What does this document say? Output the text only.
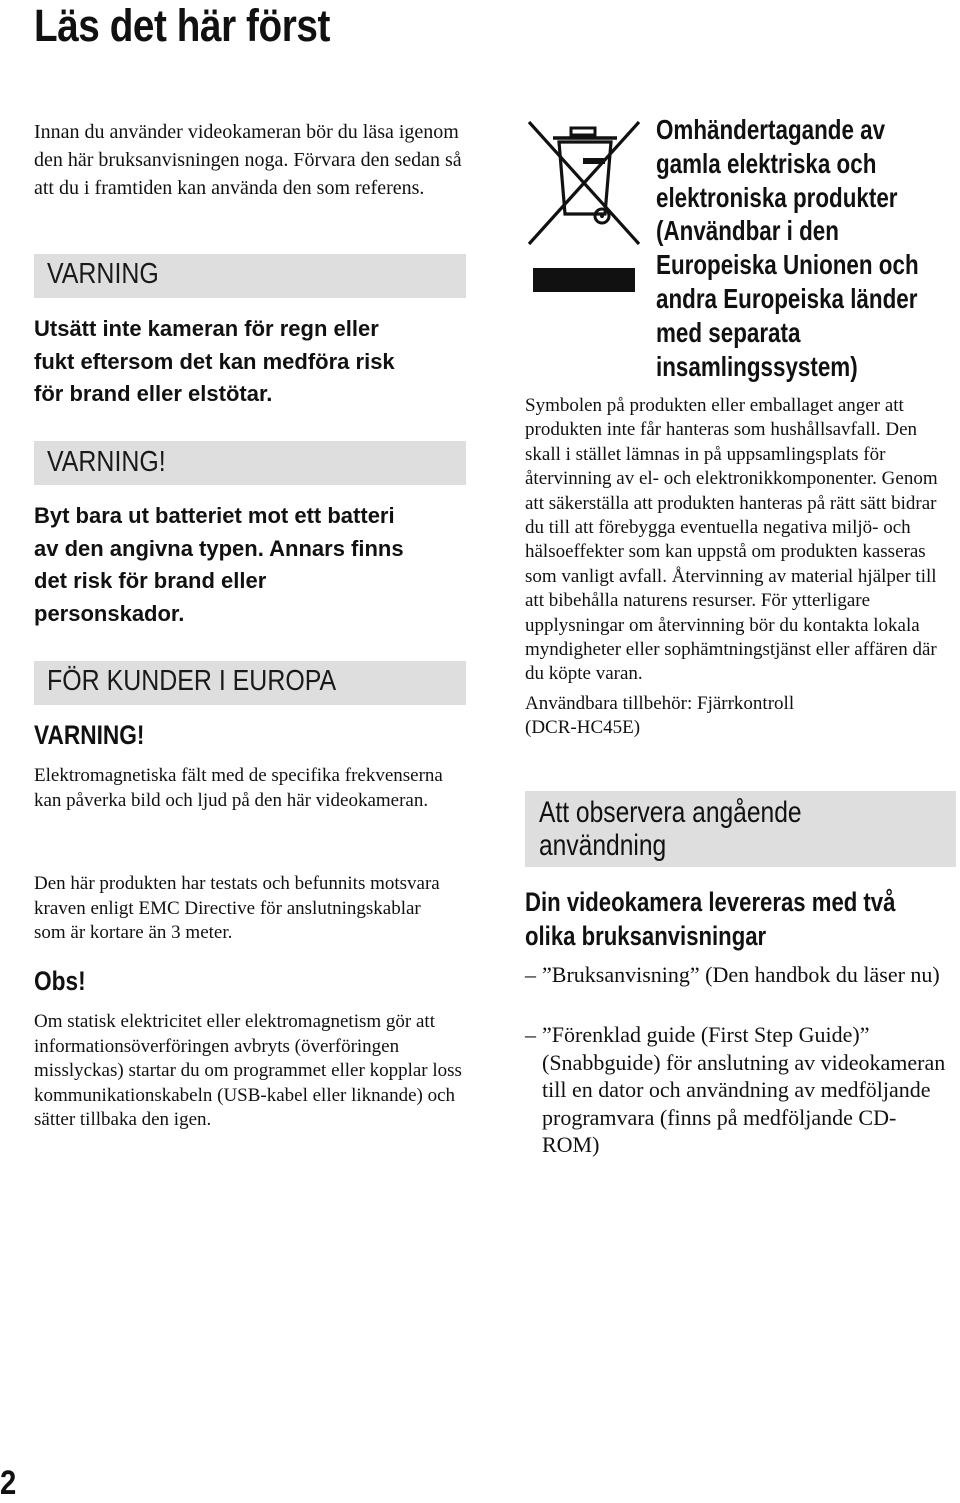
Läs det här först
Innan du använder videokameran bör du läsa igenom den här bruksanvisningen noga. Förvara den sedan så att du i framtiden kan använda den som referens.
VARNING
Utsätt inte kameran för regn eller
fukt eftersom det kan medföra risk
för brand eller elstötar.
VARNING!
Byt bara ut batteriet mot ett batteri
av den angivna typen. Annars finns
det risk för brand eller
personskador.
FÖR KUNDER I EUROPA
VARNING!
Elektromagnetiska fält med de specifika frekvenserna kan påverka bild och ljud på den här videokameran.
Den här produkten har testats och befunnits motsvara kraven enligt EMC Directive för anslutningskablar som är kortare än 3 meter.
Obs!
Om statisk elektricitet eller elektromagnetism gör att informationsöverföringen avbryts (överföringen misslyckas) startar du om programmet eller kopplar loss kommunikationskabeln (USB-kabel eller liknande) och sätter tillbaka den igen.
Omhändertagande av
gamla elektriska och
elektroniska produkter
(Användbar i den
Europeiska Unionen och
andra Europeiska länder
med separata
insamlingssystem)

Symbolen på produkten eller emballaget anger att produkten inte får hanteras som hushållsavfall. Den skall i stället lämnas in på uppsamlingsplats för återvinning av el- och elektronikkomponenter. Genom att säkerställa att produkten hanteras på rätt sätt bidrar du till att förebygga eventuella negativa miljö- och hälsoeffekter som kan uppstå om produkten kasseras som vanligt avfall. Återvinning av material hjälper till att bibehålla naturens resurser. För ytterligare upplysningar om återvinning bör du kontakta lokala myndigheter eller sophämtningstjänst eller affären där du köpte varan.

Användbara tillbehör: Fjärrkontroll (DCR-HC45E)

Att observera angående
användning
Din videokamera levereras med två
olika bruksanvisningar
– ”Bruksanvisning” (Den handbok du läser nu)
– ”Förenklad guide (First Step Guide)” (Snabbguide) för anslutning av videokameran till en dator och användning av medföljande programvara (finns på medföljande CD-ROM)
2
